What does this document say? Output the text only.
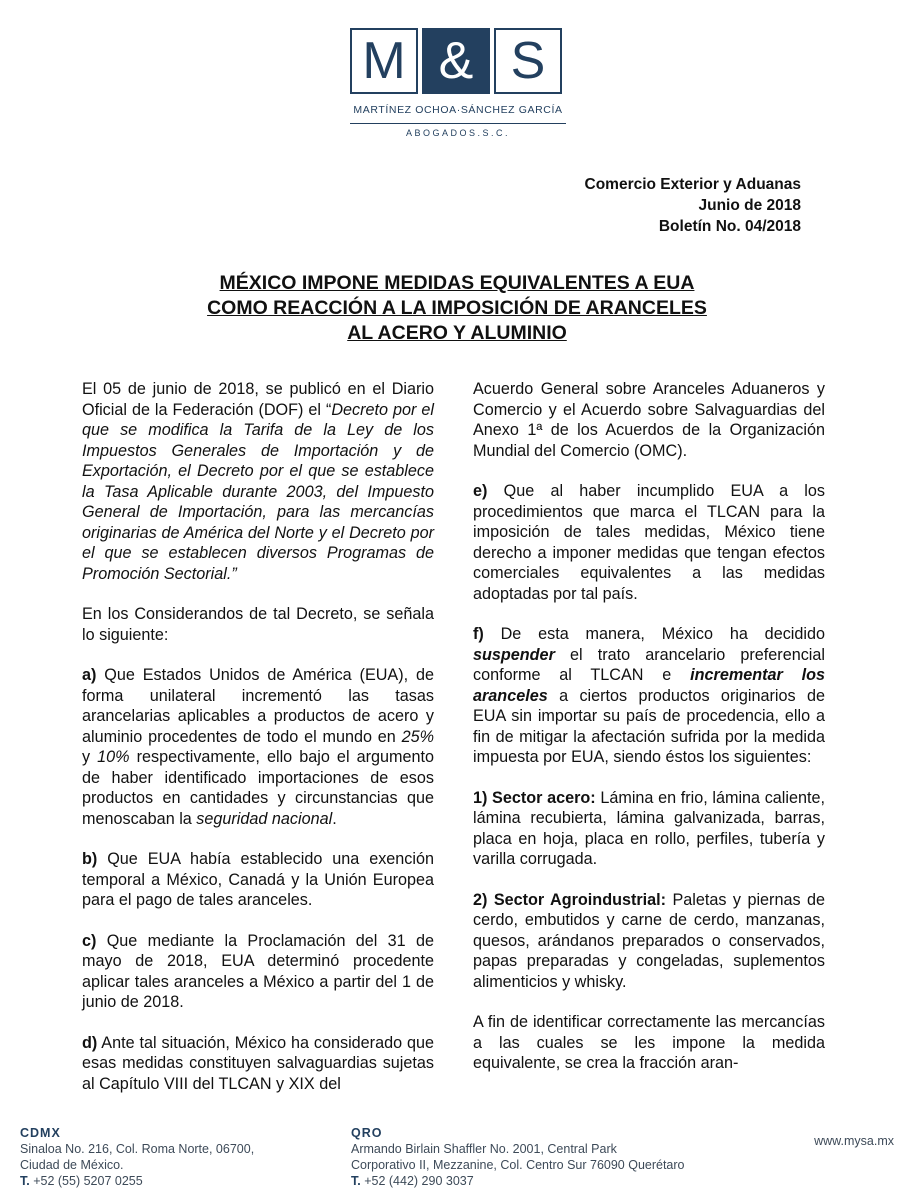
M & S
MARTÍNEZ OCHOA·SÁNCHEZ GARCÍA
ABOGADOS.S.C.
Comercio Exterior y Aduanas
Junio de 2018
Boletín No. 04/2018
MÉXICO IMPONE MEDIDAS EQUIVALENTES A EUA
COMO REACCIÓN A LA IMPOSICIÓN DE ARANCELES
AL ACERO Y ALUMINIO

El 05 de junio de 2018, se publicó en el Diario Oficial de la Federación (DOF) el “Decreto por el que se modifica la Tarifa de la Ley de los Impuestos Generales de Importación y de Exportación, el Decreto por el que se establece la Tasa Aplicable durante 2003, del Impuesto General de Importación, para las mercancías originarias de América del Norte y el Decreto por el que se establecen diversos Programas de Promoción Sectorial.”

En los Considerandos de tal Decreto, se señala lo siguiente:

a) Que Estados Unidos de América (EUA), de forma unilateral incrementó las tasas arancelarias aplicables a productos de acero y aluminio procedentes de todo el mundo en 25% y 10% respectivamente, ello bajo el argumento de haber identificado importaciones de esos productos en cantidades y circunstancias que menoscaban la seguridad nacional.

b) Que EUA había establecido una exención temporal a México, Canadá y la Unión Europea para el pago de tales aranceles.

c) Que mediante la Proclamación del 31 de mayo de 2018, EUA determinó procedente aplicar tales aranceles a México a partir del 1 de junio de 2018.

d) Ante tal situación, México ha considerado que esas medidas constituyen salvaguardias sujetas al Capítulo VIII del TLCAN y XIX del

Acuerdo General sobre Aranceles Aduaneros y Comercio y el Acuerdo sobre Salvaguardias del Anexo 1ª de los Acuerdos de la Organización Mundial del Comercio (OMC).

e) Que al haber incumplido EUA a los procedimientos que marca el TLCAN para la imposición de tales medidas, México tiene derecho a imponer medidas que tengan efectos comerciales equivalentes a las medidas adoptadas por tal país.

f) De esta manera, México ha decidido suspender el trato arancelario preferencial conforme al TLCAN e incrementar los aranceles a ciertos productos originarios de EUA sin importar su país de procedencia, ello a fin de mitigar la afectación sufrida por la medida impuesta por EUA, siendo éstos los siguientes:

1) Sector acero: Lámina en frio, lámina caliente, lámina recubierta, lámina galvanizada, barras, placa en hoja, placa en rollo, perfiles, tubería y varilla corrugada.

2) Sector Agroindustrial: Paletas y piernas de cerdo, embutidos y carne de cerdo, manzanas, quesos, arándanos preparados o conservados, papas preparadas y congeladas, suplementos alimenticios y whisky.

A fin de identificar correctamente las mercancías a las cuales se les impone la medida equivalente, se crea la fracción aran-

CDMX
Sinaloa No. 216, Col. Roma Norte, 06700,
Ciudad de México.
T. +52 (55) 5207 0255
QRO
Armando Birlain Shaffler No. 2001, Central Park
Corporativo II, Mezzanine, Col. Centro Sur 76090 Querétaro
T. +52 (442) 290 3037
www.mysa.mx
